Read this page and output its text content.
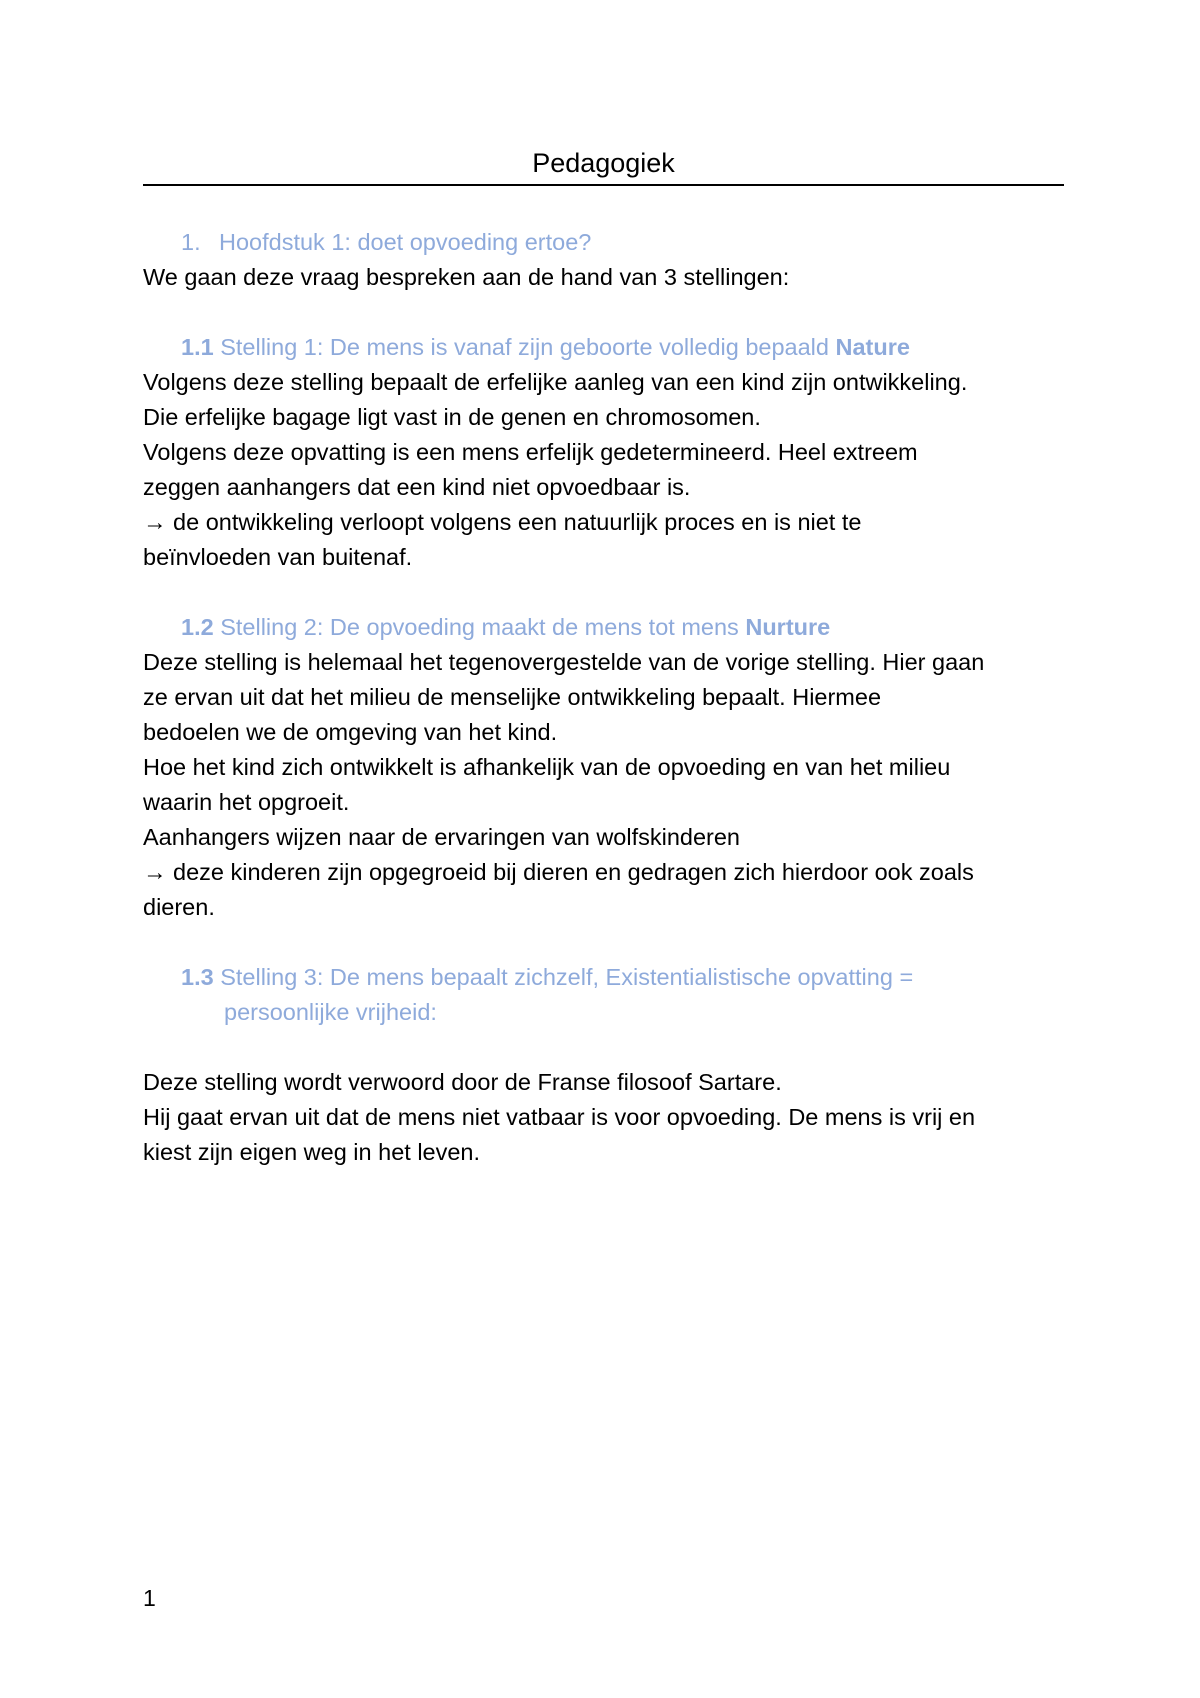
Pedagogiek
1. Hoofdstuk 1: doet opvoeding ertoe?
We gaan deze vraag bespreken aan de hand van 3 stellingen:
1.1 Stelling 1: De mens is vanaf zijn geboorte volledig bepaald Nature
Volgens deze stelling bepaalt de erfelijke aanleg van een kind zijn ontwikkeling.
Die erfelijke bagage ligt vast in de genen en chromosomen.
Volgens deze opvatting is een mens erfelijk gedetermineerd. Heel extreem
zeggen aanhangers dat een kind niet opvoedbaar is.
→ de ontwikkeling verloopt volgens een natuurlijk proces en is niet te
beïnvloeden van buitenaf.
1.2 Stelling 2: De opvoeding maakt de mens tot mens Nurture
Deze stelling is helemaal het tegenovergestelde van de vorige stelling. Hier gaan
ze ervan uit dat het milieu de menselijke ontwikkeling bepaalt. Hiermee
bedoelen we de omgeving van het kind.
Hoe het kind zich ontwikkelt is afhankelijk van de opvoeding en van het milieu
waarin het opgroeit.
Aanhangers wijzen naar de ervaringen van wolfskinderen
→ deze kinderen zijn opgegroeid bij dieren en gedragen zich hierdoor ook zoals
dieren.
1.3 Stelling 3: De mens bepaalt zichzelf, Existentialistische opvatting =
persoonlijke vrijheid:
Deze stelling wordt verwoord door de Franse filosoof Sartare.
Hij gaat ervan uit dat de mens niet vatbaar is voor opvoeding. De mens is vrij en
kiest zijn eigen weg in het leven.
1
